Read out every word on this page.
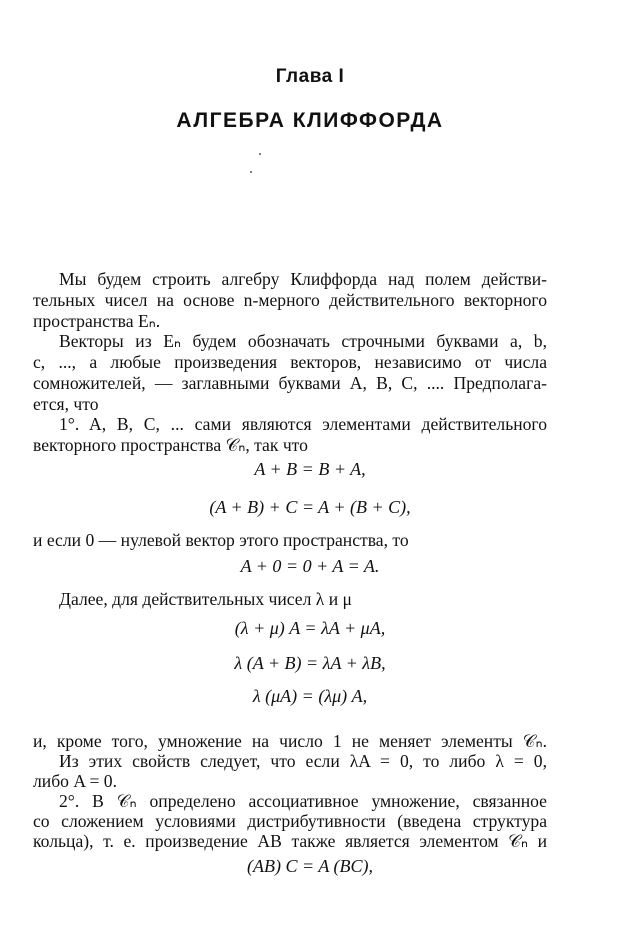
Глава I
АЛГЕБРА КЛИФФОРДА
Мы будем строить алгебру Клиффорда над полем действи-
тельных чисел на основе n-мерного действительного векторного
пространства Eₙ.
Векторы из Eₙ будем обозначать строчными буквами a, b,
c, ..., а любые произведения векторов, независимо от числа
сомножителей, — заглавными буквами A, B, C, .... Предполага-
ется, что
1°. A, B, C, ... сами являются элементами действительного
векторного пространства 𝒞ₙ, так что
A + B = B + A,
(A + B) + C = A + (B + C),
и если 0 — нулевой вектор этого пространства, то
A + 0 = 0 + A = A.
Далее, для действительных чисел λ и μ
(λ + μ) A = λA + μA,
λ (A + B) = λA + λB,
λ (μA) = (λμ) A,
и, кроме того, умножение на число 1 не меняет элементы 𝒞ₙ.
Из этих свойств следует, что если λA = 0, то либо λ = 0,
либо A = 0.
2°. В 𝒞ₙ определено ассоциативное умножение, связанное
со сложением условиями дистрибутивности (введена структура
кольца), т. е. произведение AB также является элементом 𝒞ₙ и
(AB) C = A (BC),
